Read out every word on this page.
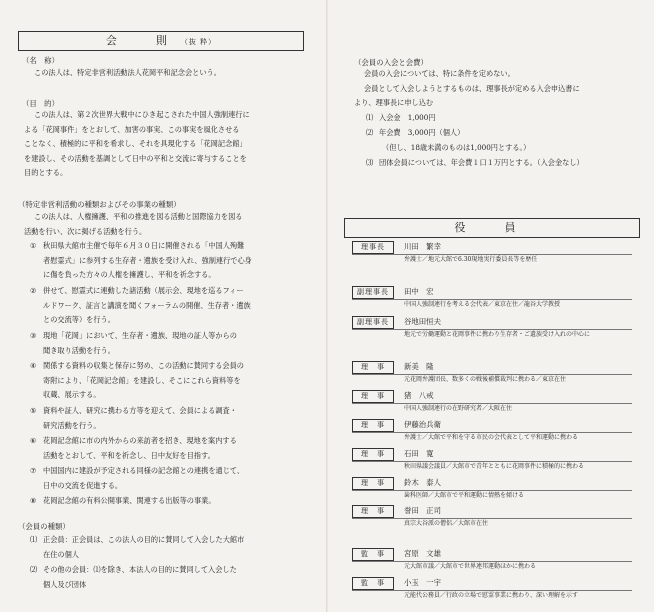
会　則（抜 粋）
（名　称）
この法人は、特定非営利活動法人花岡平和記念会という。
（目　的）
この法人は、第２次世界大戦中にひき起こされた中国人強制連行に
よる「花岡事件」をとおして、加害の事実、この事実を風化させる
ことなく、積極的に平和を希求し、それを具現化する「花岡記念館」
を建設し、その活動を基調として日中の平和と交流に寄与することを
目的とする。
（特定非営利活動の種類およびその事業の種類）
この法人は、人権擁護、平和の推進を図る活動と国際協力を図る
活動を行い、次に掲げる活動を行う。
① 秋田県大館市主催で毎年６月３０日に開催される「中国人殉難
者慰霊式」に参列する生存者・遺族を受け入れ、強制連行で心身
に傷を負った方々の人権を擁護し、平和を祈念する。
② 併せて、慰霊式に連動した諸活動（展示会、現地を巡るフィー
ルドワーク、証言と講演を聞くフォーラムの開催、生存者・遺族
との交流等）を行う。
③ 現地「花岡」において、生存者・遺族、現地の証人等からの
聞き取り活動を行う。
④ 関係する資料の収集と保存に努め、この活動に賛同する会員の
寄附により、「花岡記念館」を建設し、そこにこれら資料等を
収蔵、展示する。
⑤ 資料や証人、研究に携わる方等を迎えて、会員による調査・
研究活動を行う。
⑥ 花岡記念館に市の内外からの来訪者を招き、現地を案内する
活動をとおして、平和を祈念し、日中友好を目指す。
⑦ 中国国内に建設が予定される同様の記念館との連携を通じて、
日中の交流を促進する。
⑧ 花岡記念館の有料公開事業、関連する出版等の事業。
（会員の種類）
⑴ 正会員：正会員は、この法人の目的に賛同して入会した大館市
在住の個人
⑵ その他の会員：⑴を除き、本法人の目的に賛同して入会した
個人及び団体
（会員の入会と会費）
会員の入会については、特に条件を定めない。
会員として入会しようとするものは、理事長が定める入会申込書に
より、理事長に申し込む
⑴ 入会金　1,000円
⑵ 年会費　3,000円（個人）
（但し、18歳未満のものは1,000円とする。）
⑶ 団体会員については、年会費１口１万円とする。（入会金なし）
役　員
理事長	川田　繁幸
弁護士／地元大館で6.30現地実行委員長等を歴任
副理事長	田中　宏
中国人強制連行を考える会代表／東京在住／龍谷大学教授
副理事長	谷地田恒夫
地元で労働運動と花岡事件に携わり生存者・ご遺族受け入れの中心に
理　事	新美　隆
元花岡弁護団長、数多くの戦後補償裁判に携わる／東京在住
理　事	猪　八戒
中国人強制連行の在野研究者／大阪在住
理　事	伊藤治兵衛
弁護士／大館で平和を守る市民の会代表として平和運動に携わる
理　事	石田　寛
秋田県議会議員／大館市で青年とともに花岡事件に積極的に携わる
理　事	鈴木　泰人
歯科医師／大館市で平和運動に情熱を傾ける
理　事	誉田　正司
真宗大谷派の僧侶／大館市在住
監　事	宮原　文雄
元大館市議／大館市で世界連邦運動ほかに携わる
監　事	小玉　一宇
元能代公務員／行政の立場で慰霊事業に携わり、深い理解を示す
